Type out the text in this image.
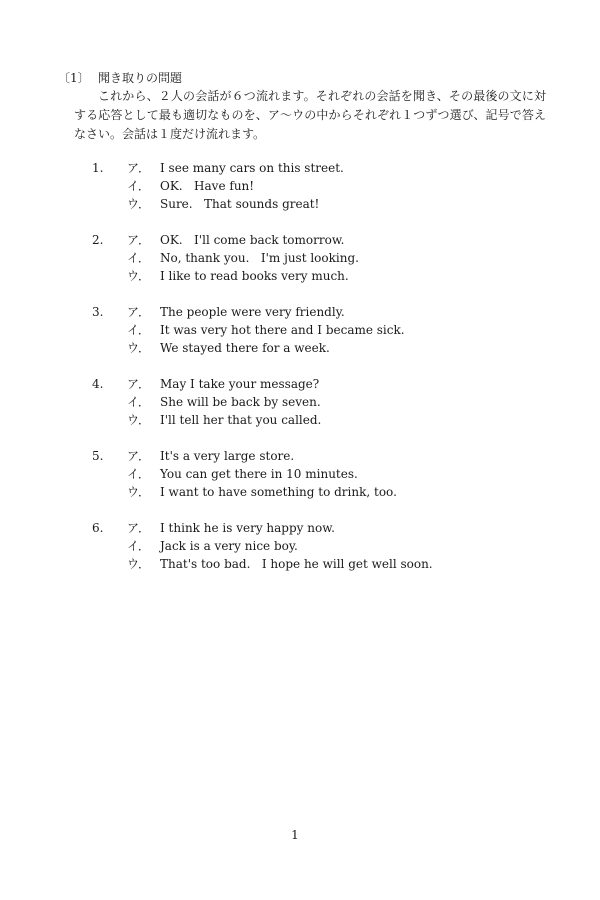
〔1〕 聞き取りの問題
これから、２人の会話が６つ流れます。それぞれの会話を聞き、その最後の文に対する応答として最も適切なものを、ア〜ウの中からそれぞれ１つずつ選び、記号で答えなさい。会話は１度だけ流れます。
1.	ア． I see many cars on this street.
イ． OK.   Have fun!
ウ． Sure.   That sounds great!
2.	ア． OK.   I'll come back tomorrow.
イ． No, thank you.   I'm just looking.
ウ． I like to read books very much.
3.	ア． The people were very friendly.
イ． It was very hot there and I became sick.
ウ． We stayed there for a week.
4.	ア． May I take your message?
イ． She will be back by seven.
ウ． I'll tell her that you called.
5.	ア． It's a very large store.
イ． You can get there in 10 minutes.
ウ． I want to have something to drink, too.
6.	ア． I think he is very happy now.
イ． Jack is a very nice boy.
ウ． That's too bad.   I hope he will get well soon.
1
